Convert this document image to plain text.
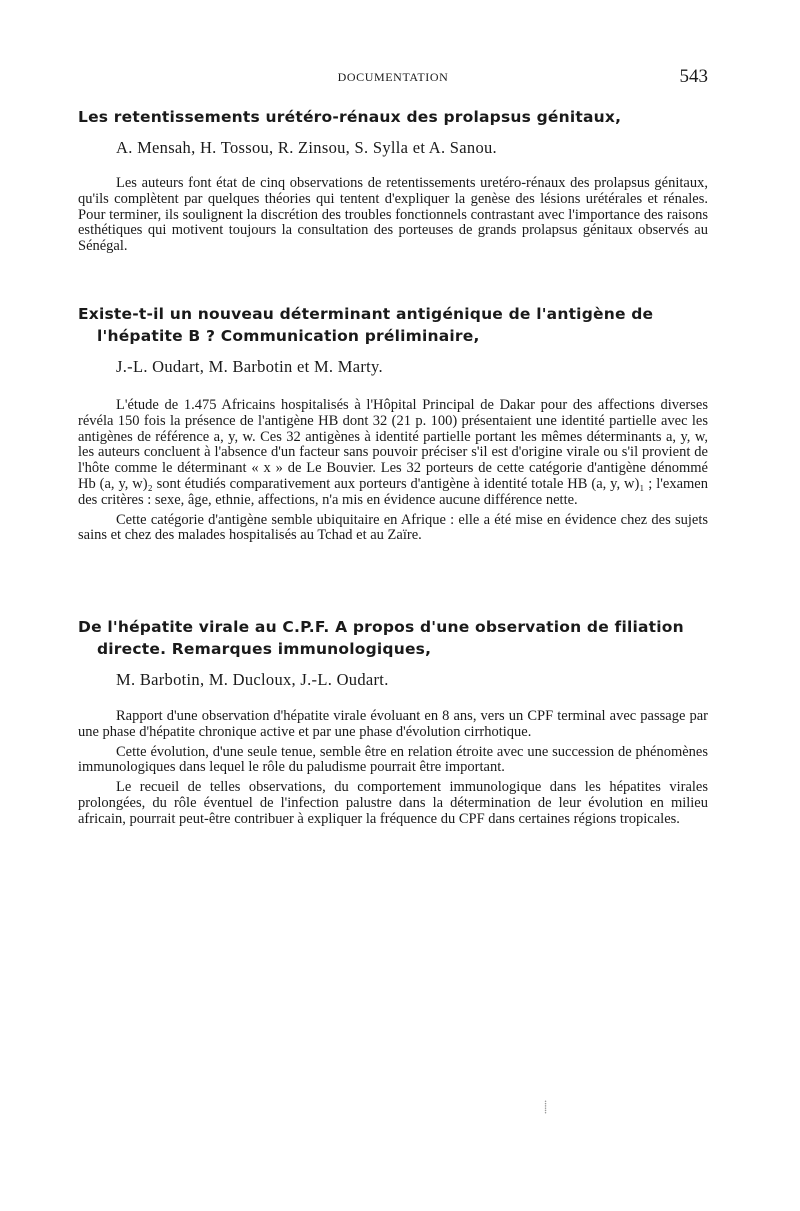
DOCUMENTATION	543
Les retentissements urétéro-rénaux des prolapsus génitaux,
A. Mensah, H. Tossou, R. Zinsou, S. Sylla et A. Sanou.

Les auteurs font état de cinq observations de retentissements uretéro-rénaux des prolapsus génitaux, qu'ils complètent par quelques théories qui tentent d'expliquer la genèse des lésions urétérales et rénales. Pour terminer, ils soulignent la discrétion des troubles fonctionnels contrastant avec l'importance des raisons esthétiques qui motivent toujours la consultation des porteuses de grands prolapsus génitaux observés au Sénégal.

Existe-t-il un nouveau déterminant antigénique de l'antigène de l'hépatite B ? Communication préliminaire,
J.-L. Oudart, M. Barbotin et M. Marty.

L'étude de 1.475 Africains hospitalisés à l'Hôpital Principal de Dakar pour des affections diverses révéla 150 fois la présence de l'antigène HB dont 32 (21 p. 100) présentaient une identité partielle avec les antigènes de référence a, y, w. Ces 32 antigènes à identité partielle portant les mêmes déterminants a, y, w, les auteurs concluent à l'absence d'un facteur sans pouvoir préciser s'il est d'origine virale ou s'il provient de l'hôte comme le déterminant « x » de Le Bouvier. Les 32 porteurs de cette catégorie d'antigène dénommé Hb (a, y, w)₂ sont étudiés comparativement aux porteurs d'antigène à identité totale HB (a, y, w)₁ ; l'examen des critères : sexe, âge, ethnie, affections, n'a mis en évidence aucune différence nette.

Cette catégorie d'antigène semble ubiquitaire en Afrique : elle a été mise en évidence chez des sujets sains et chez des malades hospitalisés au Tchad et au Zaïre.

De l'hépatite virale au C.P.F. A propos d'une observation de filiation directe. Remarques immunologiques,
M. Barbotin, M. Ducloux, J.-L. Oudart.

Rapport d'une observation d'hépatite virale évoluant en 8 ans, vers un CPF terminal avec passage par une phase d'hépatite chronique active et par une phase d'évolution cirrhotique.

Cette évolution, d'une seule tenue, semble être en relation étroite avec une succession de phénomènes immunologiques dans lequel le rôle du paludisme pourrait être important.

Le recueil de telles observations, du comportement immunologique dans les hépatites virales prolongées, du rôle éventuel de l'infection palustre dans la détermination de leur évolution en milieu africain, pourrait peut-être contribuer à expliquer la fréquence du CPF dans certaines régions tropicales.

⸽
